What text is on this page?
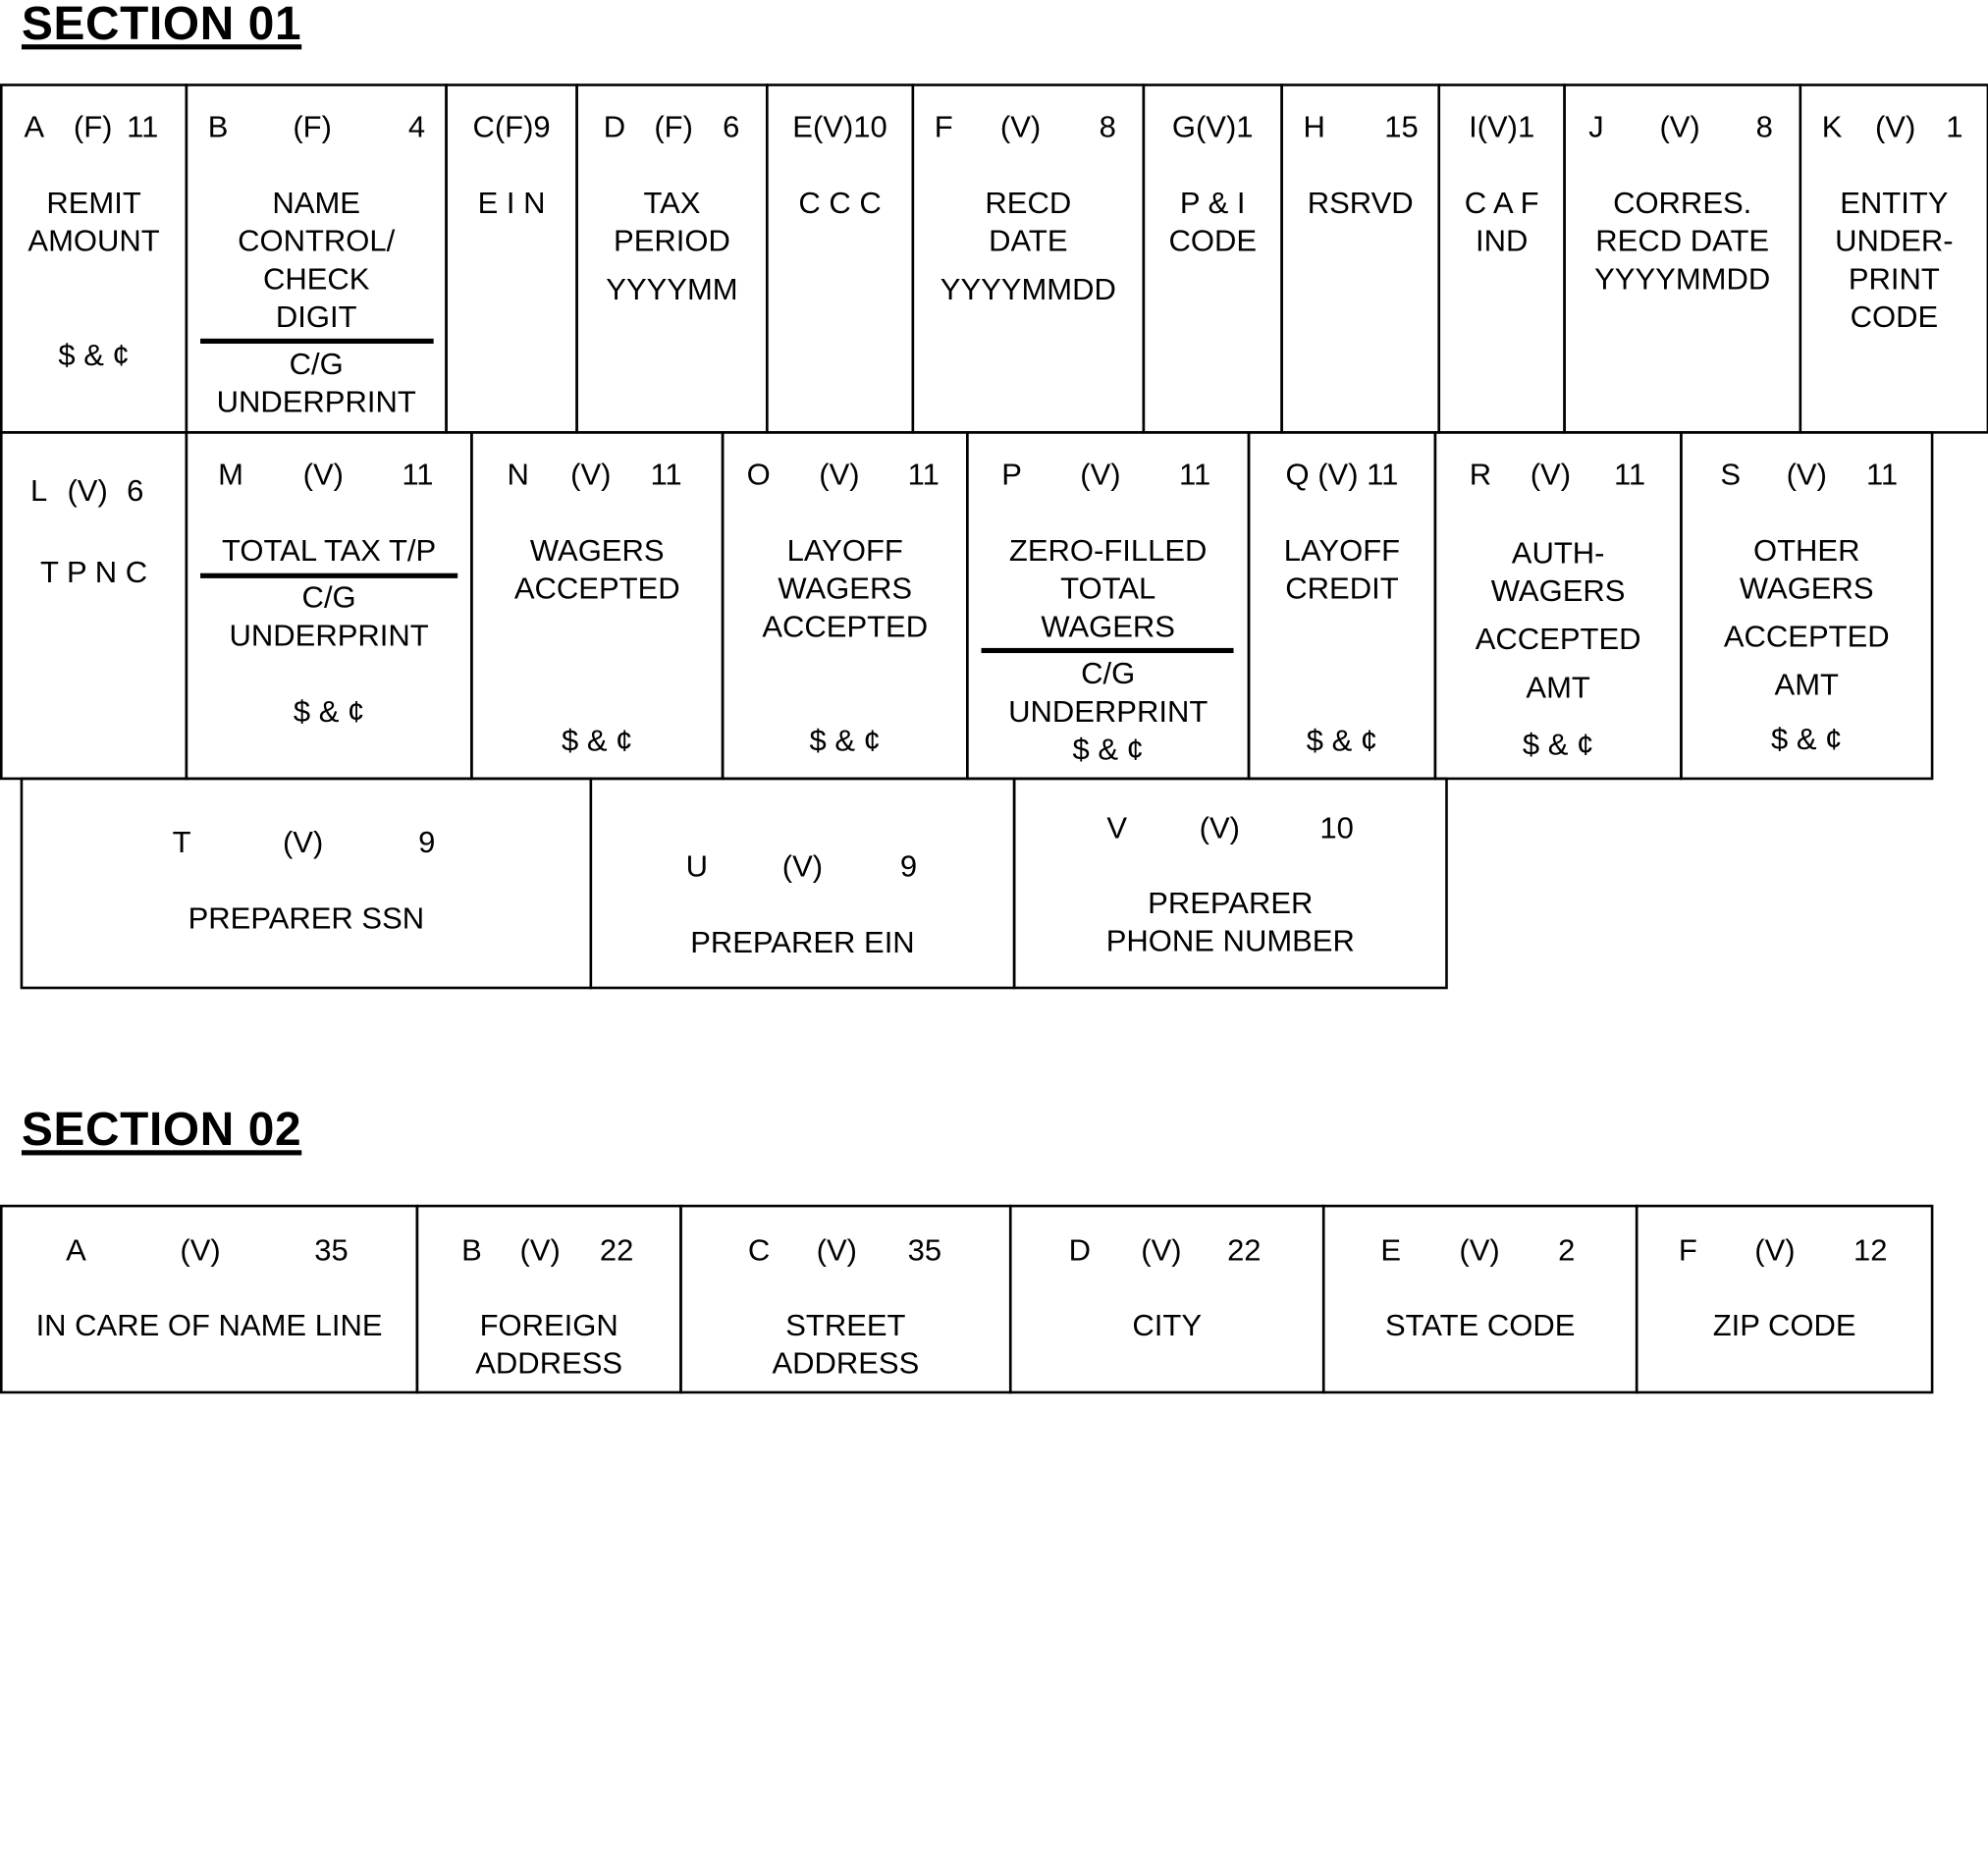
SECTION 01
A (F) 11
REMIT
AMOUNT
$ & ¢
B	(F)	4
NAME
CONTROL/
CHECK
DIGIT
C/G
UNDERPRINT
C(F)9
E I N
D (F) 6
TAX
PERIOD
YYYYMM
E(V)10
C C C
F (V) 8
RECD
DATE
YYYYMMDD
G(V)1
P & I
CODE
H	15
RSRVD
I(V)1
C A F
IND
J (V) 8
CORRES.
RECD DATE
YYYYMMDD
K (V) 1
ENTITY
UNDER-
PRINT
CODE
L (V) 6
T P N C
M	(V) 11
TOTAL TAX T/P
C/G
UNDERPRINT
$ & ¢
N (V) 11
WAGERS
ACCEPTED
$ & ¢
O (V) 11
LAYOFF
WAGERS
ACCEPTED
$ & ¢
P (V) 11
ZERO-FILLED
TOTAL
WAGERS
C/G
UNDERPRINT
$ & ¢
Q (V) 11
LAYOFF
CREDIT
$ & ¢
R (V) 11
AUTH-
WAGERS
ACCEPTED
AMT
$ & ¢
S (V) 11
OTHER
WAGERS
ACCEPTED
AMT
$ & ¢
T	(V)	9
PREPARER SSN
U	(V)	9
PREPARER EIN
V	(V)	10
PREPARER
PHONE NUMBER
SECTION 02
A	(V)	35
IN CARE OF NAME LINE
B (V) 22
FOREIGN
ADDRESS
C (V) 35
STREET
ADDRESS
D (V) 22
CITY
E (V) 2
STATE CODE
F (V) 12
ZIP CODE
